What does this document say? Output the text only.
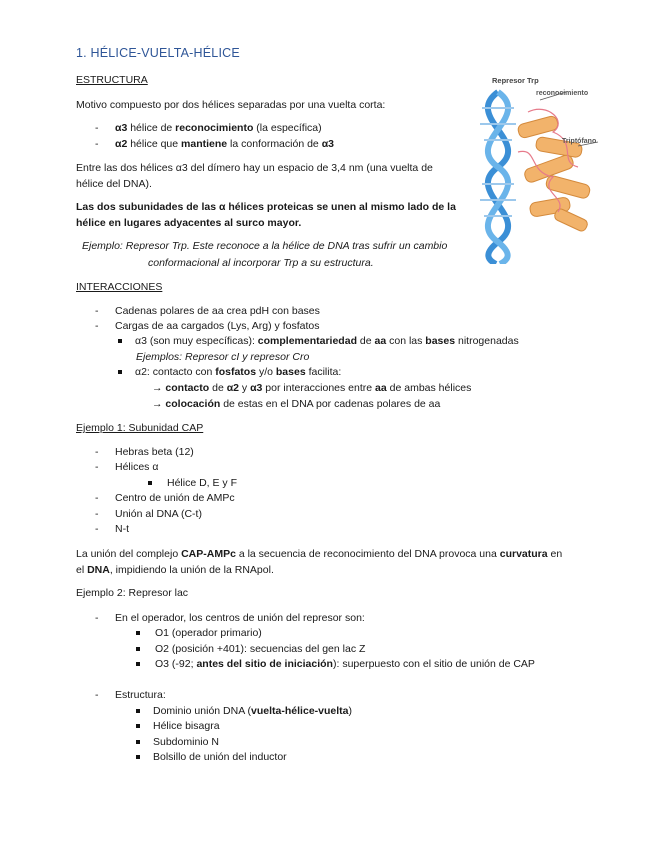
1. HÉLICE-VUELTA-HÉLICE
ESTRUCTURA
Motivo compuesto por dos hélices separadas por una vuelta corta:
- α3 hélice de reconocimiento (la específica)
- α2 hélice que mantiene la conformación de α3
Entre las dos hélices α3 del dímero hay un espacio de 3,4 nm (una vuelta de
hélice del DNA).
Las dos subunidades de las α hélices proteicas se unen al mismo lado de la
hélice en lugares adyacentes al surco mayor.
Ejemplo: Represor Trp. Este reconoce a la hélice de DNA tras sufrir un cambio
conformacional al incorporar Trp a su estructura.
Represor Trp
reconocimiento
Triptófano
INTERACCIONES
- Cadenas polares de aa crea pdH con bases
- Cargas de aa cargados (Lys, Arg) y fosfatos
α3 (son muy específicas): complementariedad de aa con las bases nitrogenadas
Ejemplos: Represor cI y represor Cro
α2: contacto con fosfatos y/o bases facilita:
→ contacto de α2 y α3 por interacciones entre aa de ambas hélices
→ colocación de estas en el DNA por cadenas polares de aa
Ejemplo 1: Subunidad CAP
- Hebras beta (12)
- Hélices α
Hélice D, E y F
- Centro de unión de AMPc
- Unión al DNA (C-t)
- N-t
La unión del complejo CAP-AMPc a la secuencia de reconocimiento del DNA provoca una curvatura en
el DNA, impidiendo la unión de la RNApol.
Ejemplo 2: Represor lac
- En el operador, los centros de unión del represor son:
O1 (operador primario)
O2 (posición +401): secuencias del gen lac Z
O3 (-92; antes del sitio de iniciación): superpuesto con el sitio de unión de CAP
- Estructura:
Dominio unión DNA (vuelta-hélice-vuelta)
Hélice bisagra
Subdominio N
Bolsillo de unión del inductor
